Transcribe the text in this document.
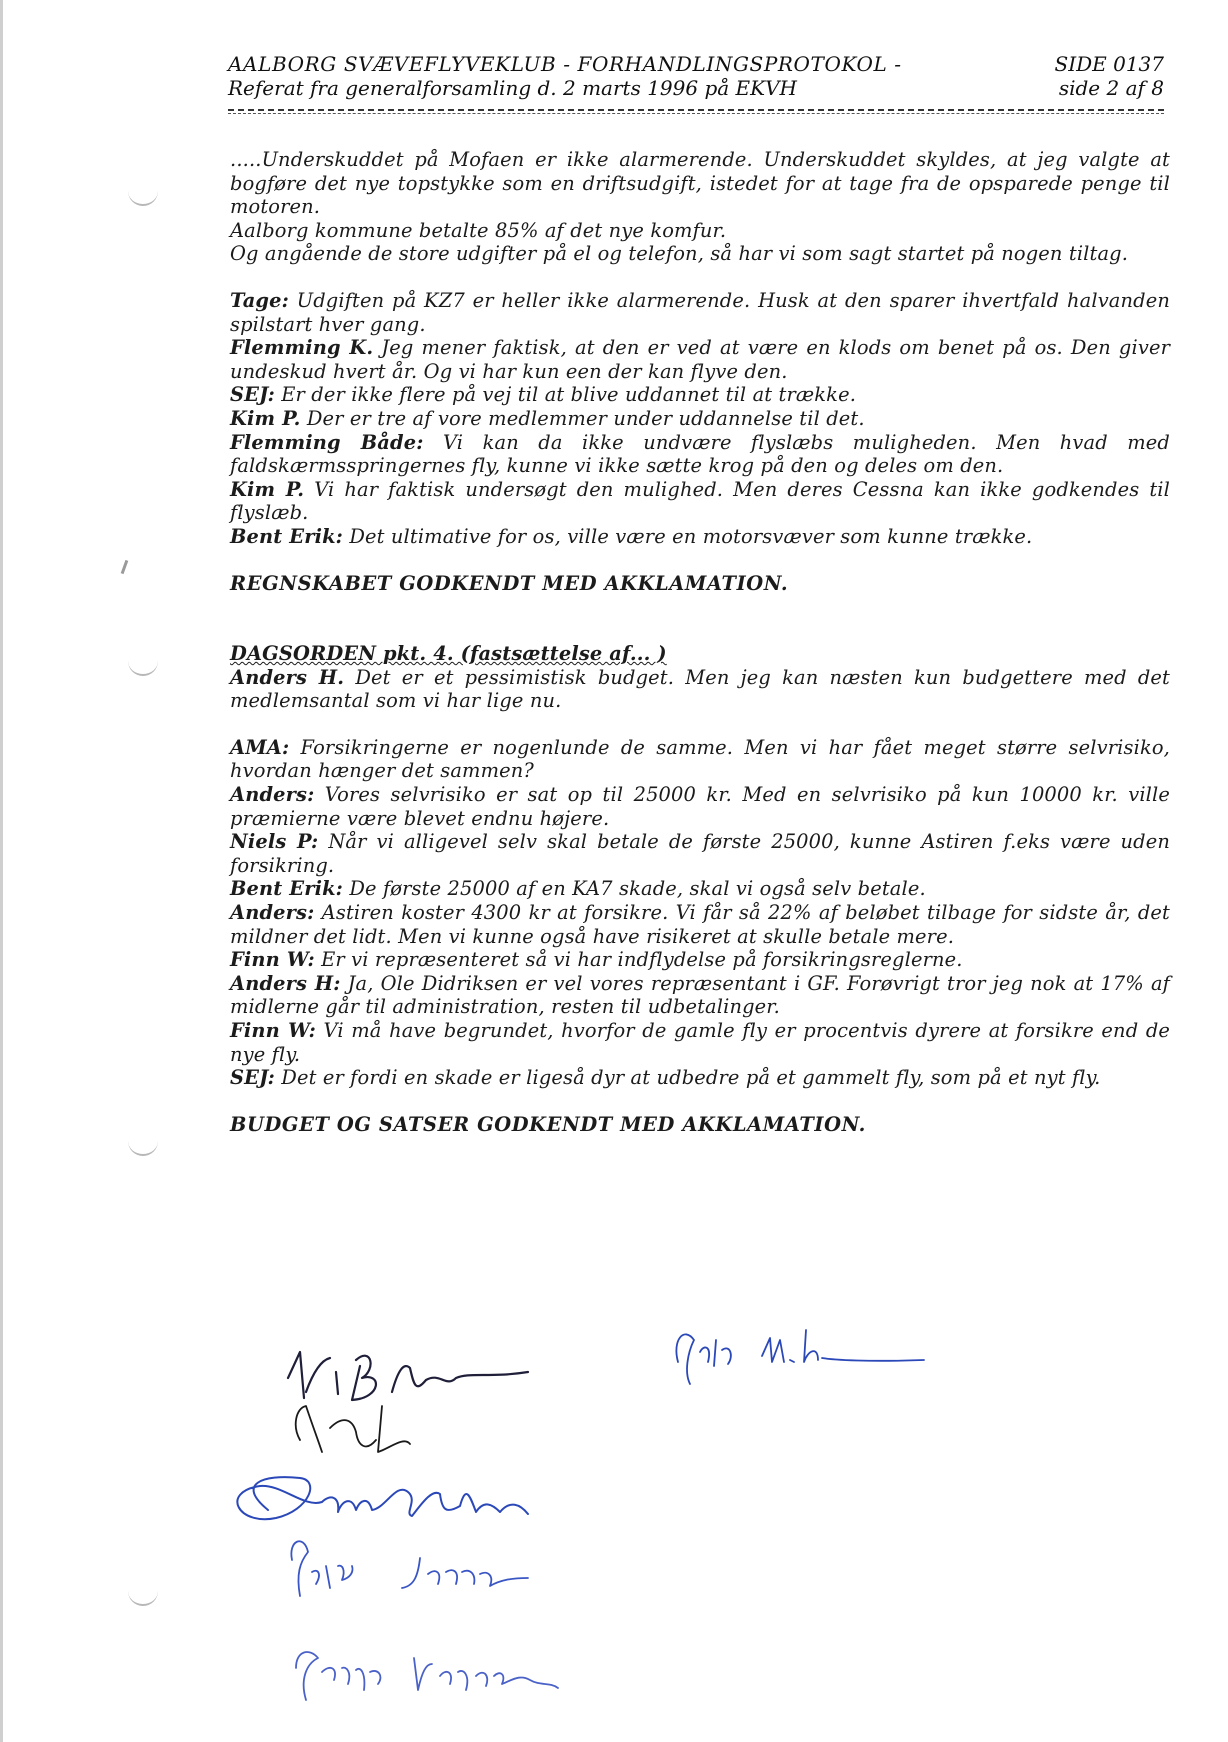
AALBORG SVÆVEFLYVEKLUB - FORHANDLINGSPROTOKOL -
Referat fra generalforsamling d. 2 marts 1996 på EKVH
SIDE 0137
side 2 af 8

.....Underskuddet på Mofaen er ikke alarmerende. Underskuddet skyldes, at jeg valgte at bogføre det nye topstykke som en driftsudgift, istedet for at tage fra de opsparede penge til motoren.

Aalborg kommune betalte 85% af det nye komfur.

Og angående de store udgifter på el og telefon, så har vi som sagt startet på nogen tiltag.

Tage: Udgiften på KZ7 er heller ikke alarmerende. Husk at den sparer ihvertfald halvanden spilstart hver gang.

Flemming K. Jeg mener faktisk, at den er ved at være en klods om benet på os. Den giver undeskud hvert år. Og vi har kun een der kan flyve den.

SEJ: Er der ikke flere på vej til at blive uddannet til at trække.

Kim P. Der er tre af vore medlemmer under uddannelse til det.

Flemming Både: Vi kan da ikke undvære flyslæbs muligheden. Men hvad med faldskærmsspringernes fly, kunne vi ikke sætte krog på den og deles om den.

Kim P. Vi har faktisk undersøgt den mulighed. Men deres Cessna kan ikke godkendes til flyslæb.

Bent Erik: Det ultimative for os, ville være en motorsvæver som kunne trække.

REGNSKABET GODKENDT MED AKKLAMATION.

DAGSORDEN pkt. 4. (fastsættelse af... )

Anders H. Det er et pessimistisk budget. Men jeg kan næsten kun budgettere med det medlemsantal som vi har lige nu.

AMA: Forsikringerne er nogenlunde de samme. Men vi har fået meget større selvrisiko, hvordan hænger det sammen?

Anders: Vores selvrisiko er sat op til 25000 kr. Med en selvrisiko på kun 10000 kr. ville præmierne være blevet endnu højere.

Niels P: Når vi alligevel selv skal betale de første 25000, kunne Astiren f.eks være uden forsikring.

Bent Erik: De første 25000 af en KA7 skade, skal vi også selv betale.

Anders: Astiren koster 4300 kr at forsikre. Vi får så 22% af beløbet tilbage for sidste år, det mildner det lidt. Men vi kunne også have risikeret at skulle betale mere.

Finn W: Er vi repræsenteret så vi har indflydelse på forsikringsreglerne.

Anders H: Ja, Ole Didriksen er vel vores repræsentant i GF. Forøvrigt tror jeg nok at 17% af midlerne går til administration, resten til udbetalinger.

Finn W: Vi må have begrundet, hvorfor de gamle fly er procentvis dyrere at forsikre end de nye fly.

SEJ: Det er fordi en skade er ligeså dyr at udbedre på et gammelt fly, som på et nyt fly.

BUDGET OG SATSER GODKENDT MED AKKLAMATION.
